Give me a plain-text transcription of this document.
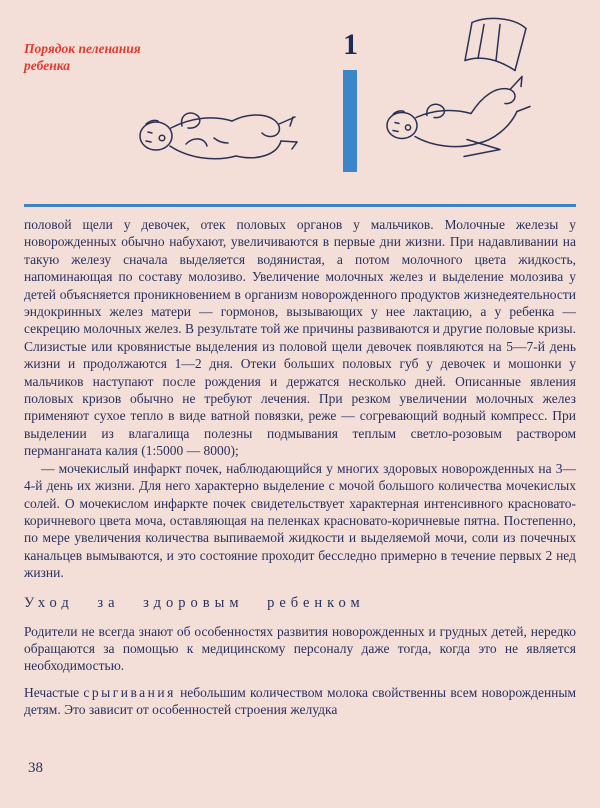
Порядок пеленания
ребенка
1

половой щели у девочек, отек половых органов у мальчиков. Молочные железы у новорожденных обычно набухают, увеличиваются в первые дни жизни. При надавливании на такую железу сначала выделяется водянистая, а потом молочного цвета жидкость, напоминающая по составу молозиво. Увеличение молочных желез и выделение молозива у детей объясняется проникновением в организм новорожденного продуктов жизнедеятельности эндокринных желез матери — гормонов, вызывающих у нее лактацию, а у ребенка — секрецию молочных желез. В результате той же причины развиваются и другие половые кризы. Слизистые или кровянистые выделения из половой щели девочек появляются на 5—7-й день жизни и продолжаются 1—2 дня. Отеки больших половых губ у девочек и мошонки у мальчиков наступают после рождения и держатся несколько дней. Описанные явления половых кризов обычно не требуют лечения. При резком увеличении молочных желез применяют сухое тепло в виде ватной повязки, реже — согревающий водный компресс. При выделении из влагалища полезны подмывания теплым светло-розовым раствором перманганата калия (1:5000 — 8000);

— мочекислый инфаркт почек, наблюдающийся у многих здоровых новорожденных на 3—4-й день их жизни. Для него характерно выделение с мочой большого количества мочекислых солей. О мочекислом инфаркте почек свидетельствует характерная интенсивного красновато-коричневого цвета моча, оставляющая на пеленках красновато-коричневые пятна. Постепенно, по мере увеличения количества выпиваемой жидкости и выделяемой мочи, соли из почечных канальцев вымываются, и это состояние проходит бесследно примерно в течение первых 2 нед жизни.

Уход за здоровым ребенком

Родители не всегда знают об особенностях развития новорожденных и грудных детей, нередко обращаются за помощью к медицинскому персоналу даже тогда, когда это не является необходимостью.

Нечастые срыгивания небольшим количеством молока свойственны всем новорожденным детям. Это зависит от особенностей строения желудка

38
